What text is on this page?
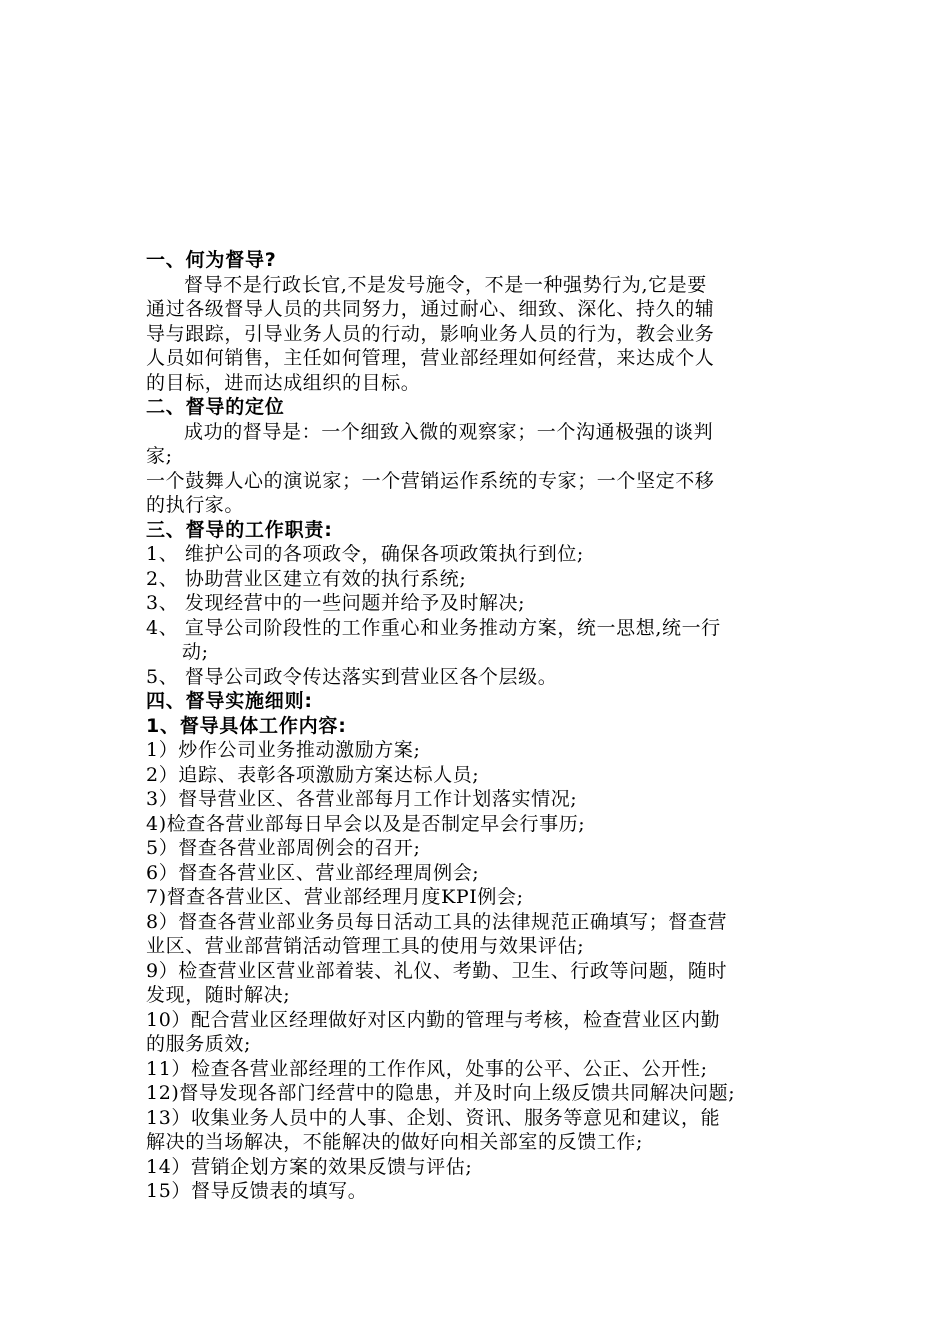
一、何为督导?
督导不是行政长官,不是发号施令，不是一种强势行为,它是要
通过各级督导人员的共同努力，通过耐心、细致、深化、持久的辅
导与跟踪，引导业务人员的行动，影响业务人员的行为，教会业务
人员如何销售，主任如何管理，营业部经理如何经营，来达成个人
的目标，进而达成组织的目标。
二、督导的定位
成功的督导是：一个细致入微的观察家；一个沟通极强的谈判
家;
一个鼓舞人心的演说家；一个营销运作系统的专家；一个坚定不移
的执行家。
三、督导的工作职责:
1、 维护公司的各项政令，确保各项政策执行到位;
2、 协助营业区建立有效的执行系统;
3、 发现经营中的一些问题并给予及时解决;
4、 宣导公司阶段性的工作重心和业务推动方案，统一思想,统一行
动;
5、 督导公司政令传达落实到营业区各个层级。
四、督导实施细则:
1、督导具体工作内容:
1）炒作公司业务推动激励方案;
2）追踪、表彰各项激励方案达标人员;
3）督导营业区、各营业部每月工作计划落实情况;
4)检查各营业部每日早会以及是否制定早会行事历;
5）督查各营业部周例会的召开;
6）督查各营业区、营业部经理周例会;
7)督查各营业区、营业部经理月度KPI例会;
8）督查各营业部业务员每日活动工具的法律规范正确填写；督查营
业区、营业部营销活动管理工具的使用与效果评估;
9）检查营业区营业部着装、礼仪、考勤、卫生、行政等问题，随时
发现，随时解决;
10）配合营业区经理做好对区内勤的管理与考核，检查营业区内勤
的服务质效;
11）检查各营业部经理的工作作风，处事的公平、公正、公开性;
12)督导发现各部门经营中的隐患，并及时向上级反馈共同解决问题;
13）收集业务人员中的人事、企划、资讯、服务等意见和建议，能
解决的当场解决，不能解决的做好向相关部室的反馈工作;
14）营销企划方案的效果反馈与评估;
15）督导反馈表的填写。
